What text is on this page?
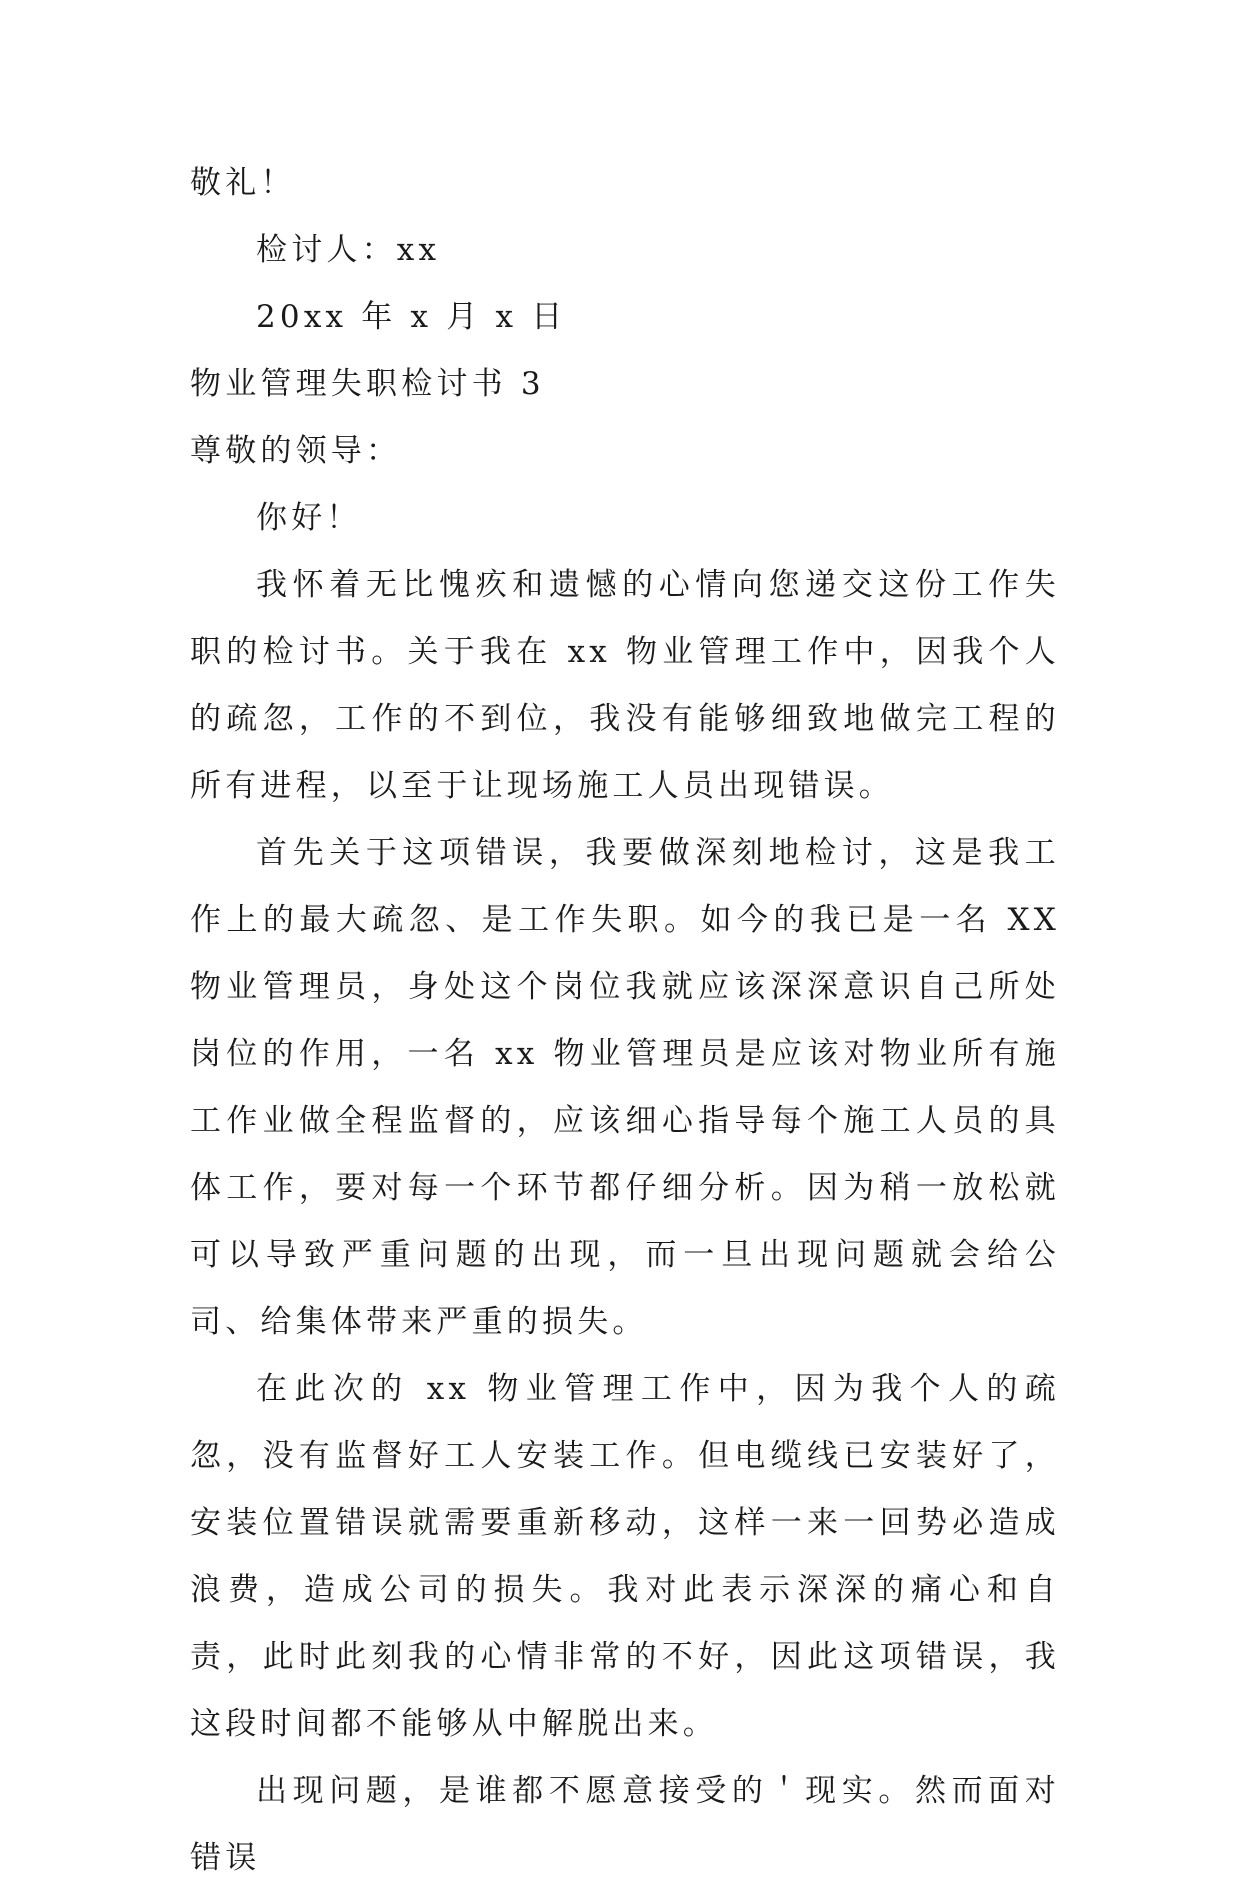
敬礼！
检讨人：xx
20xx 年 x 月 x 日
物业管理失职检讨书 3
尊敬的领导：
你好！

我怀着无比愧疚和遗憾的心情向您递交这份工作失职的检讨书。关于我在 xx 物业管理工作中，因我个人的疏忽，工作的不到位，我没有能够细致地做完工程的所有进程，以至于让现场施工人员出现错误。

首先关于这项错误，我要做深刻地检讨，这是我工作上的最大疏忽、是工作失职。如今的我已是一名 XX 物业管理员，身处这个岗位我就应该深深意识自己所处岗位的作用，一名 xx 物业管理员是应该对物业所有施工作业做全程监督的，应该细心指导每个施工人员的具体工作，要对每一个环节都仔细分析。因为稍一放松就可以导致严重问题的出现，而一旦出现问题就会给公司、给集体带来严重的损失。

在此次的 xx 物业管理工作中，因为我个人的疏忽，没有监督好工人安装工作。但电缆线已安装好了，安装位置错误就需要重新移动，这样一来一回势必造成浪费，造成公司的损失。我对此表示深深的痛心和自责，此时此刻我的心情非常的不好，因此这项错误，我这段时间都不能够从中解脱出来。

出现问题，是谁都不愿意接受的＇现实。然而面对错误
